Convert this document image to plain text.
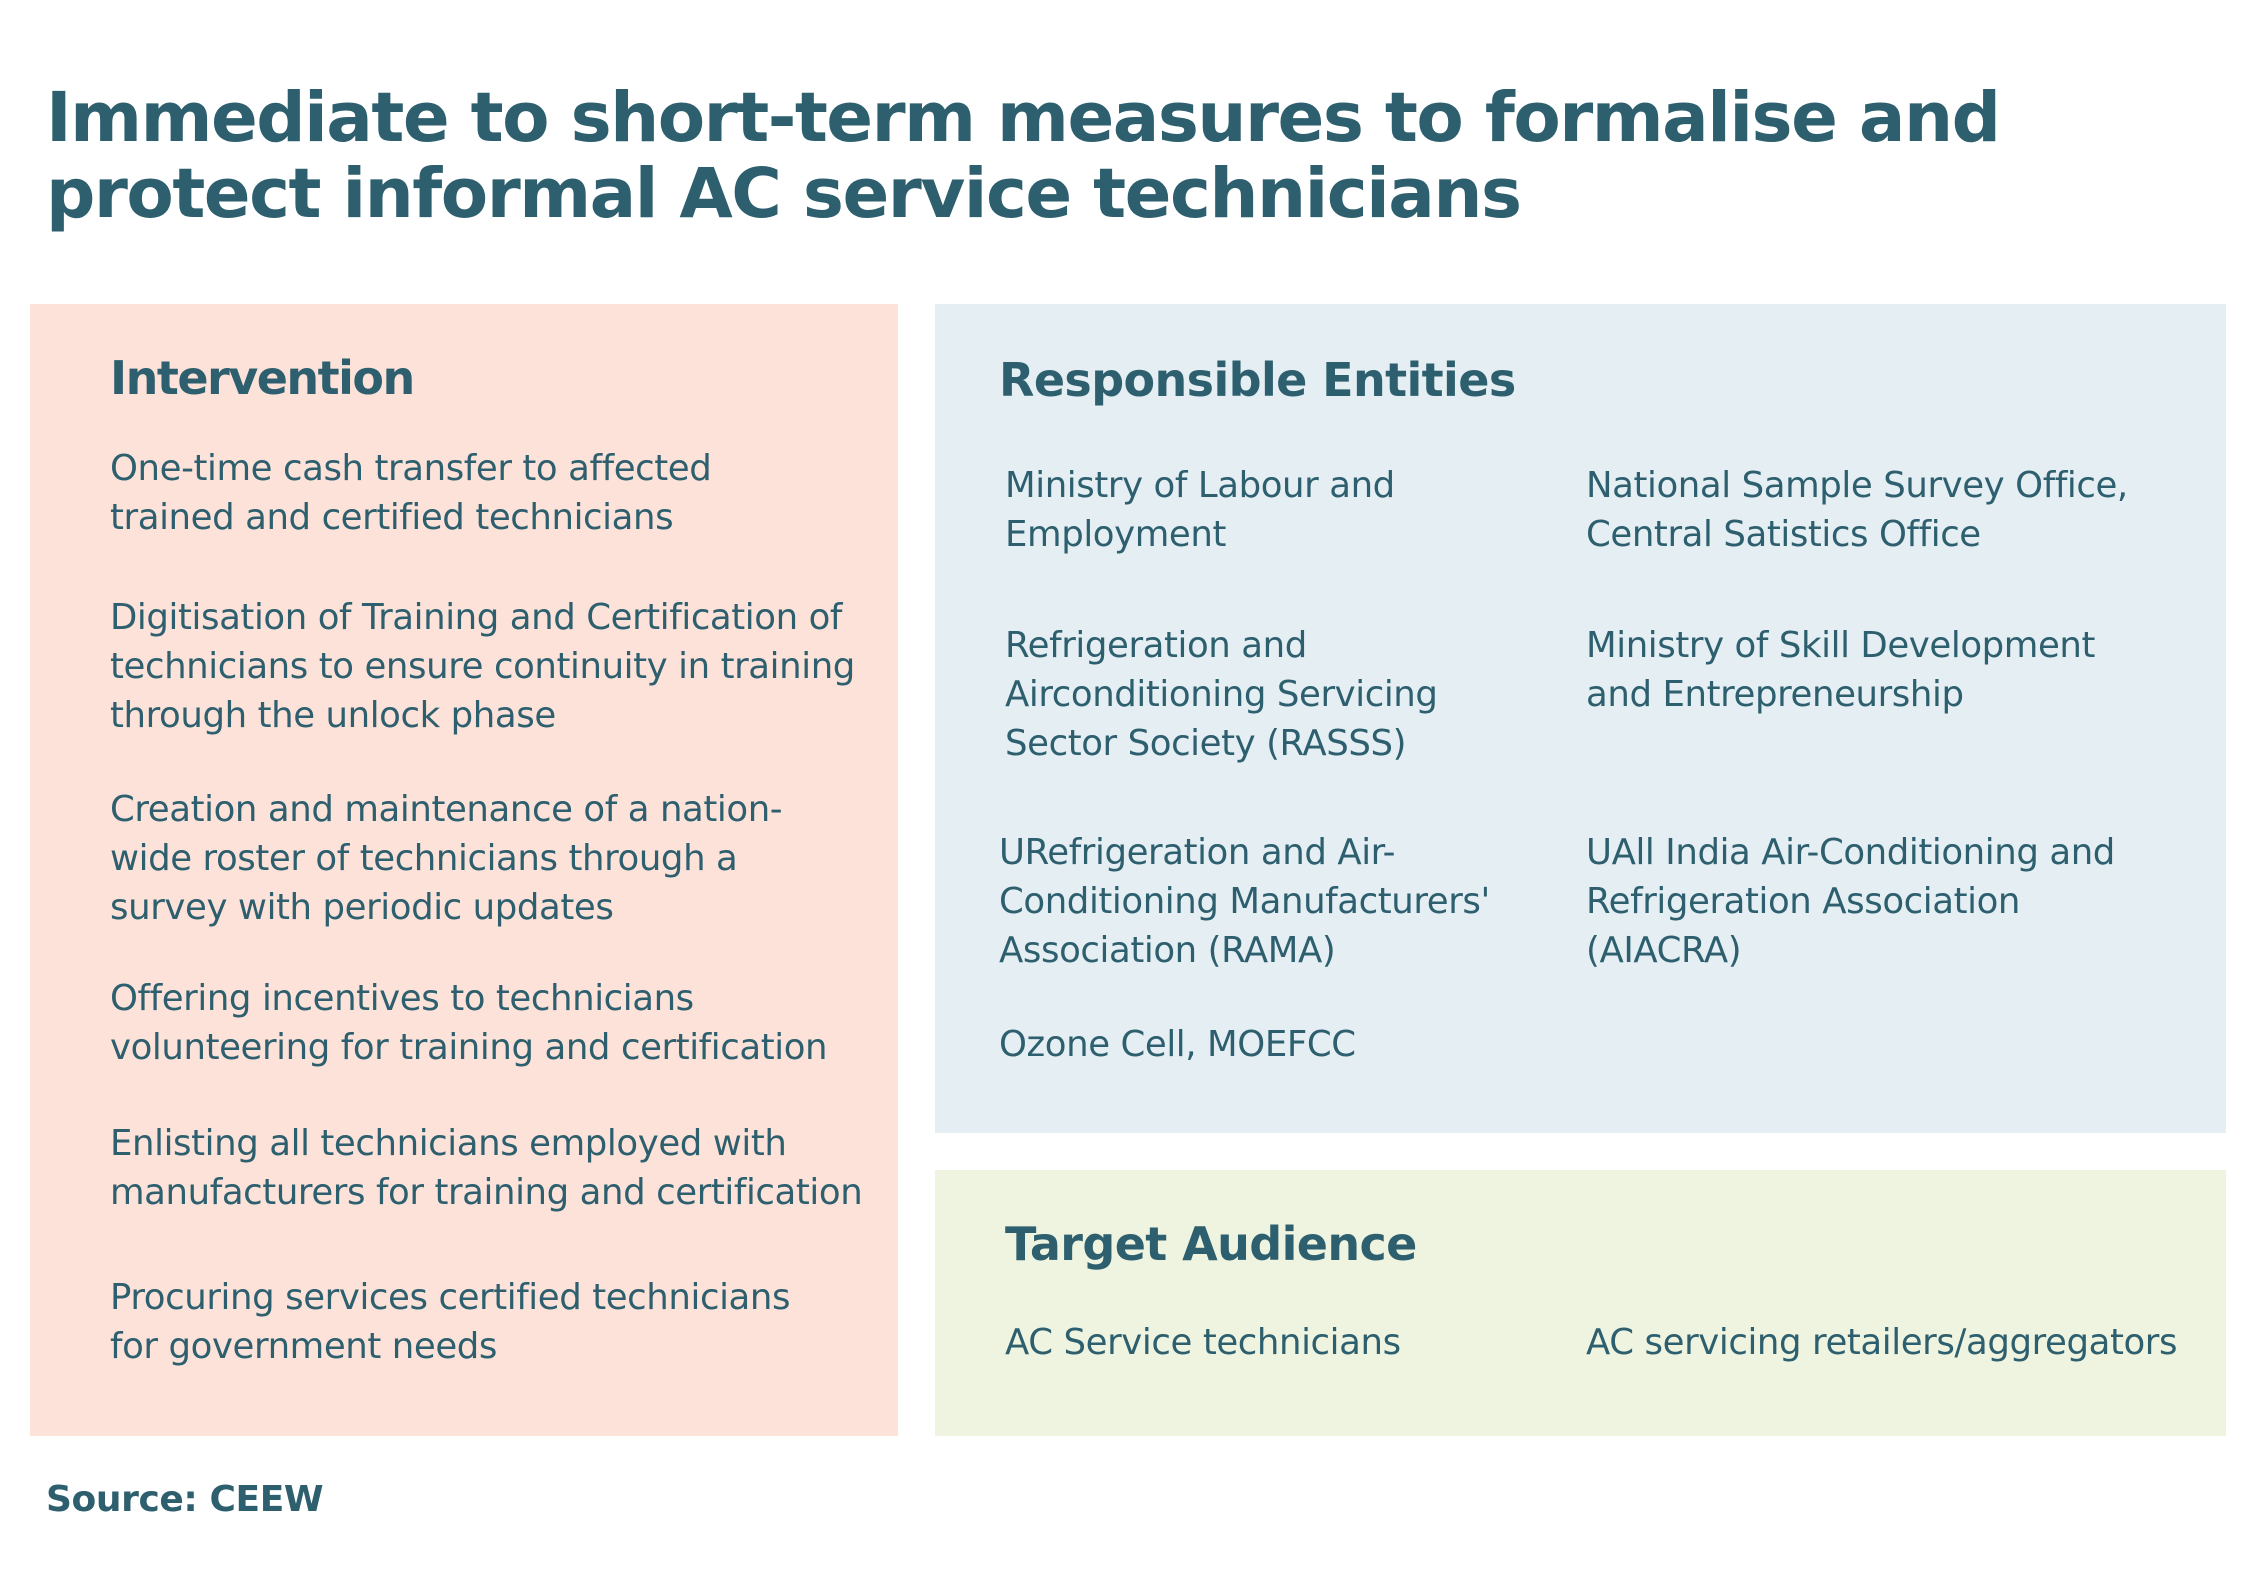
Immediate to short-term measures to formalise and
protect informal AC service technicians
Intervention
One-time cash transfer to affected
trained and certified technicians
Digitisation of Training and Certification of
technicians to ensure continuity in training
through the unlock phase
Creation and maintenance of a nation-
wide roster of technicians through a
survey with periodic updates
Offering incentives to technicians
volunteering for training and certification
Enlisting all technicians employed with
manufacturers for training and certification
Procuring services certified technicians
for government needs
Responsible Entities
Ministry of Labour and
Employment
National Sample Survey Office,
Central Satistics Office
Refrigeration and
Airconditioning Servicing
Sector Society (RASSS)
Ministry of Skill Development
and Entrepreneurship
URefrigeration and Air-
Conditioning Manufacturers'
Association (RAMA)
UAll India Air-Conditioning and
Refrigeration Association
(AIACRA)
Ozone Cell, MOEFCC
Target Audience
AC Service technicians	AC servicing retailers/aggregators
Source: CEEW
